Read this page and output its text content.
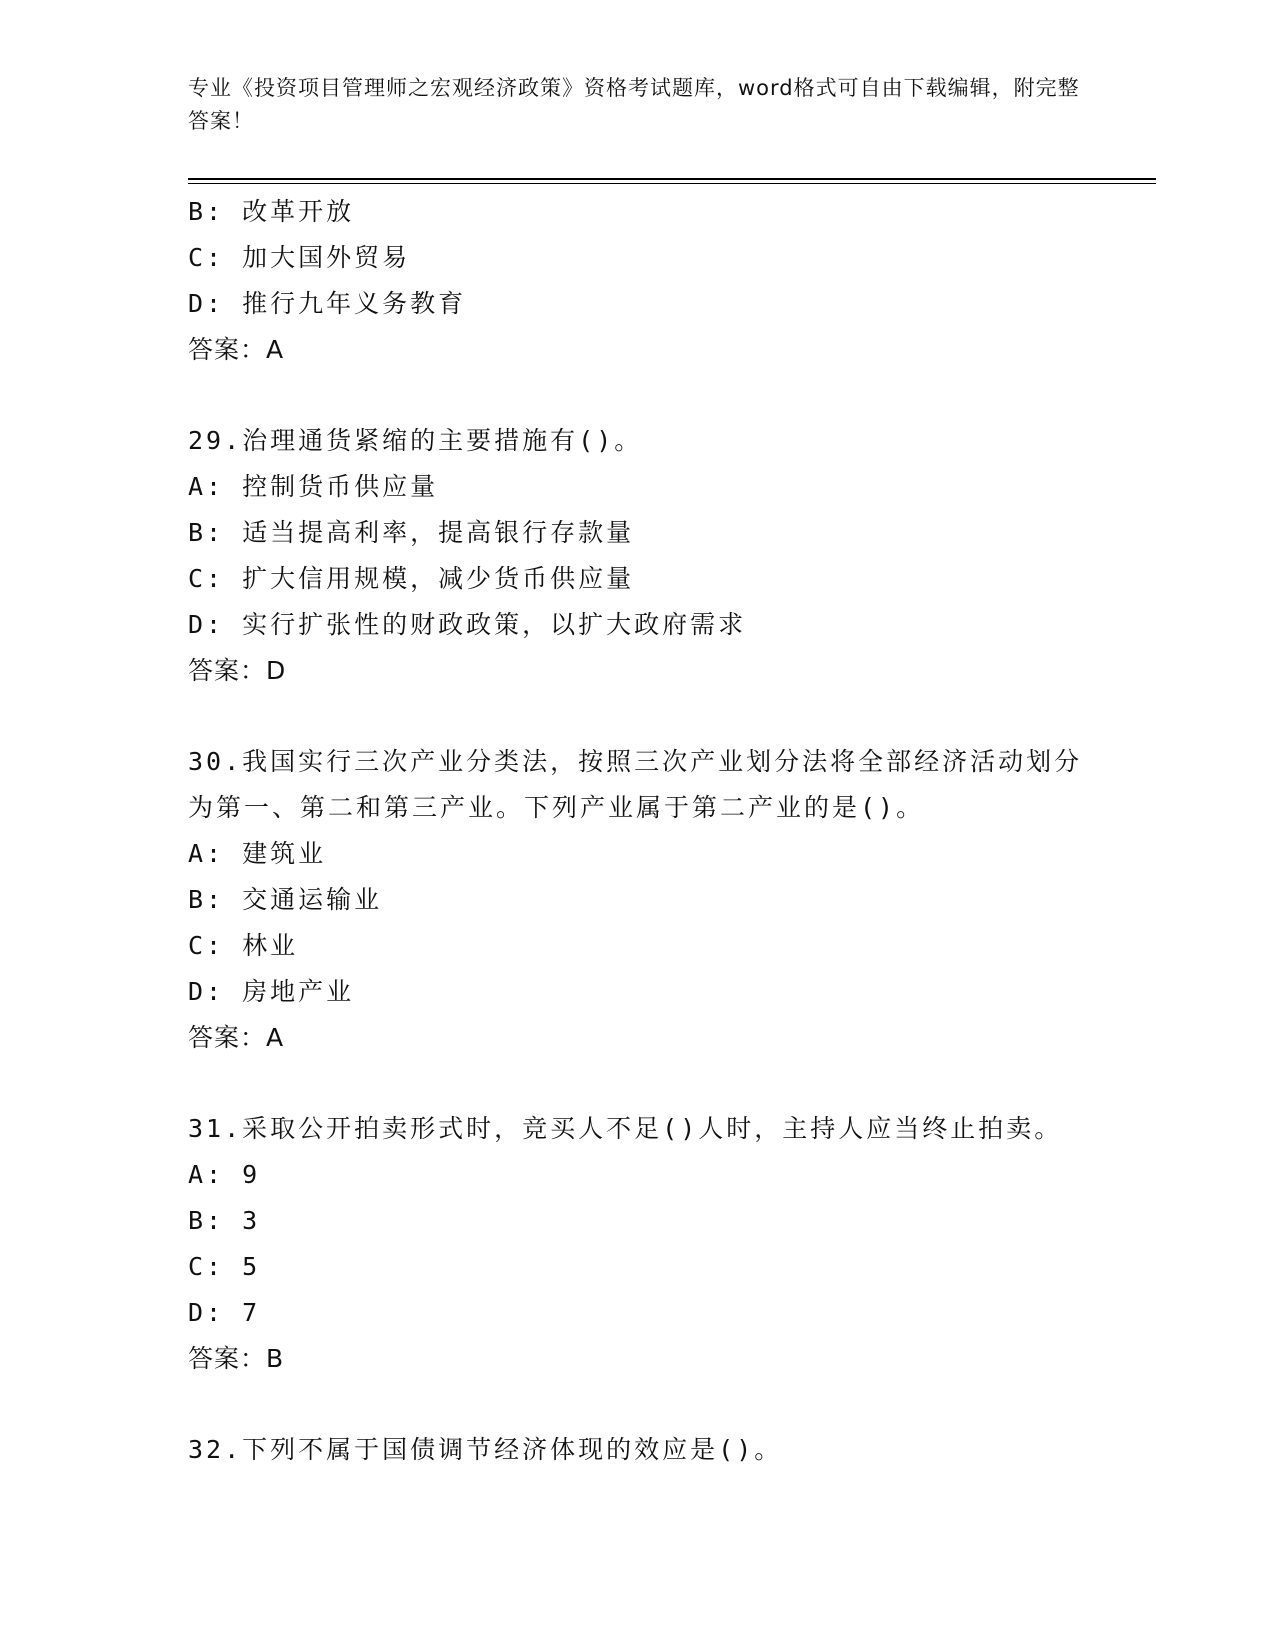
专业《投资项目管理师之宏观经济政策》资格考试题库，word格式可自由下载编辑，附完整答案！
B: 改革开放
C: 加大国外贸易
D: 推行九年义务教育
答案：A
29.治理通货紧缩的主要措施有()。
A: 控制货币供应量
B: 适当提高利率，提高银行存款量
C: 扩大信用规模，减少货币供应量
D: 实行扩张性的财政政策，以扩大政府需求
答案：D
30.我国实行三次产业分类法，按照三次产业划分法将全部经济活动划分为第一、第二和第三产业。下列产业属于第二产业的是()。
A: 建筑业
B: 交通运输业
C: 林业
D: 房地产业
答案：A
31.采取公开拍卖形式时，竞买人不足()人时，主持人应当终止拍卖。
A: 9
B: 3
C: 5
D: 7
答案：B
32.下列不属于国债调节经济体现的效应是()。
